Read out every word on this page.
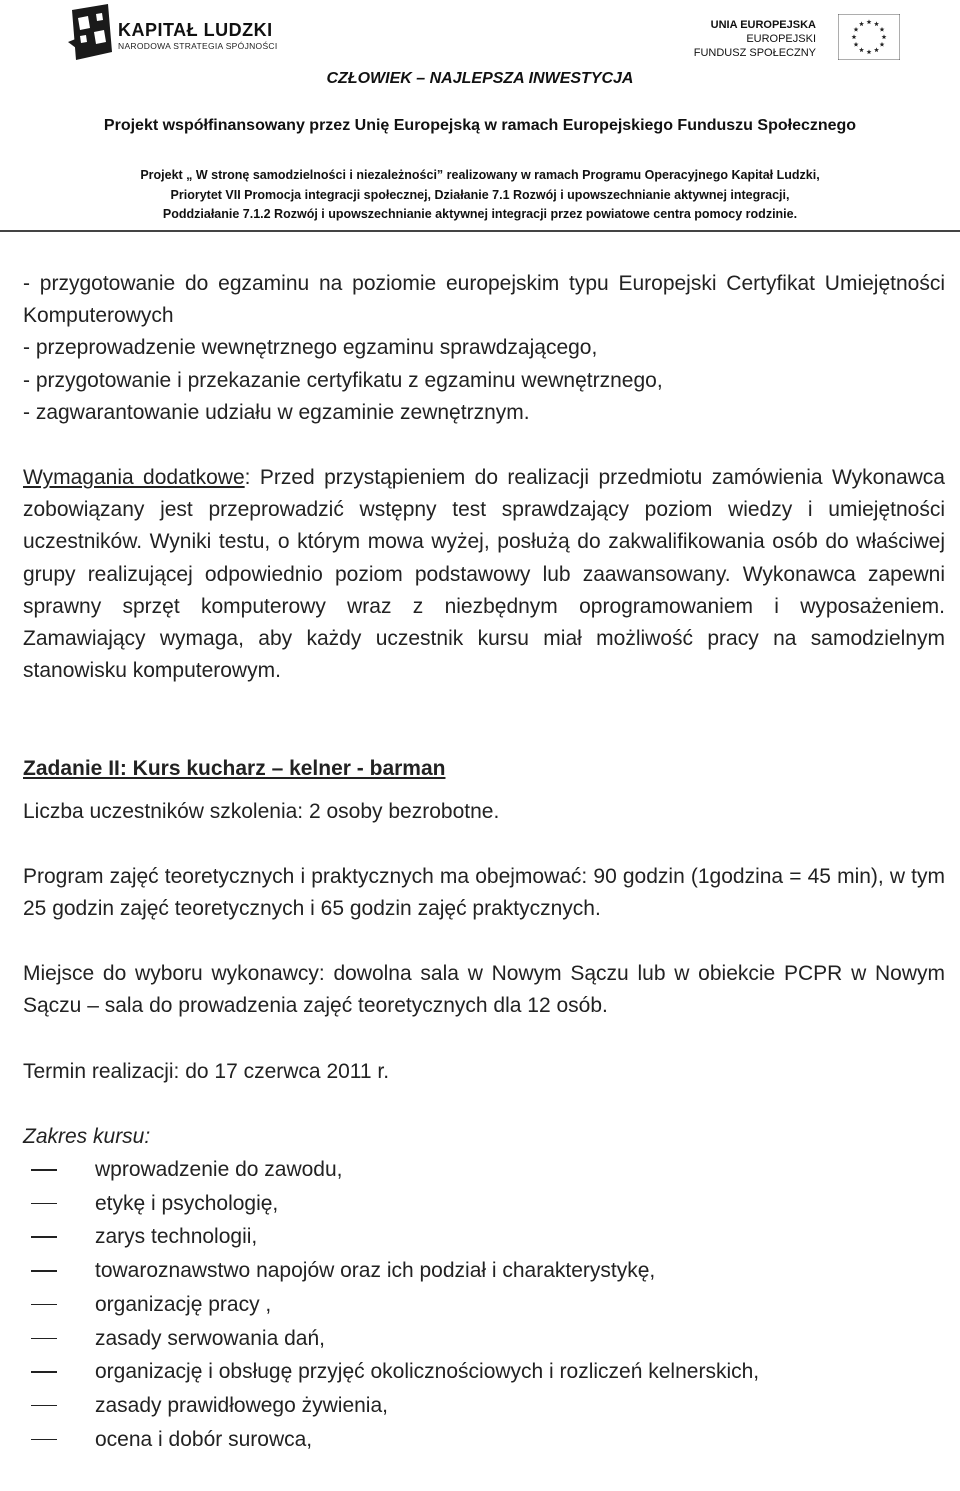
KAPITAŁ LUDZKI
NARODOWA STRATEGIA SPÓJNOŚCI
UNIA EUROPEJSKA
EUROPEJSKI
FUNDUSZ SPOŁECZNY
CZŁOWIEK – NAJLEPSZA INWESTYCJA
Projekt współfinansowany przez Unię Europejską w ramach Europejskiego Funduszu Społecznego
Projekt „ W stronę samodzielności i niezależności” realizowany w ramach Programu Operacyjnego Kapitał Ludzki,
Priorytet VII Promocja integracji społecznej, Działanie 7.1 Rozwój i upowszechnianie aktywnej integracji,
Poddziałanie 7.1.2 Rozwój i upowszechnianie aktywnej integracji przez powiatowe centra pomocy rodzinie.

- przygotowanie do egzaminu na poziomie europejskim typu Europejski Certyfikat Umiejętności Komputerowych

- przeprowadzenie wewnętrznego egzaminu sprawdzającego,

- przygotowanie i przekazanie certyfikatu z egzaminu wewnętrznego,

- zagwarantowanie udziału w egzaminie zewnętrznym.

Wymagania dodatkowe: Przed przystąpieniem do realizacji przedmiotu zamówienia Wykonawca zobowiązany jest przeprowadzić wstępny test sprawdzający poziom wiedzy i umiejętności uczestników. Wyniki testu, o którym mowa wyżej, posłużą do zakwalifikowania osób do właściwej grupy realizującej odpowiednio poziom podstawowy lub zaawansowany. Wykonawca zapewni sprawny sprzęt komputerowy wraz z niezbędnym oprogramowaniem i wyposażeniem. Zamawiający wymaga, aby każdy uczestnik kursu miał możliwość pracy na samodzielnym stanowisku komputerowym.

Zadanie II: Kurs kucharz – kelner - barman

Liczba uczestników szkolenia: 2 osoby bezrobotne.

Program zajęć teoretycznych i praktycznych ma obejmować: 90 godzin (1godzina = 45 min), w tym 25 godzin zajęć teoretycznych i 65 godzin zajęć praktycznych.

Miejsce do wyboru wykonawcy: dowolna sala w Nowym Sączu lub w obiekcie PCPR w Nowym Sączu – sala do prowadzenia zajęć teoretycznych dla 12 osób.

Termin realizacji: do 17 czerwca 2011 r.

Zakres kursu:

wprowadzenie do zawodu,
etykę i psychologię,
zarys technologii,
towaroznawstwo napojów oraz ich podział i charakterystykę,
organizację pracy ,
zasady serwowania dań,
organizację i obsługę przyjęć okolicznościowych i rozliczeń kelnerskich,
zasady prawidłowego żywienia,
ocena i dobór surowca,
